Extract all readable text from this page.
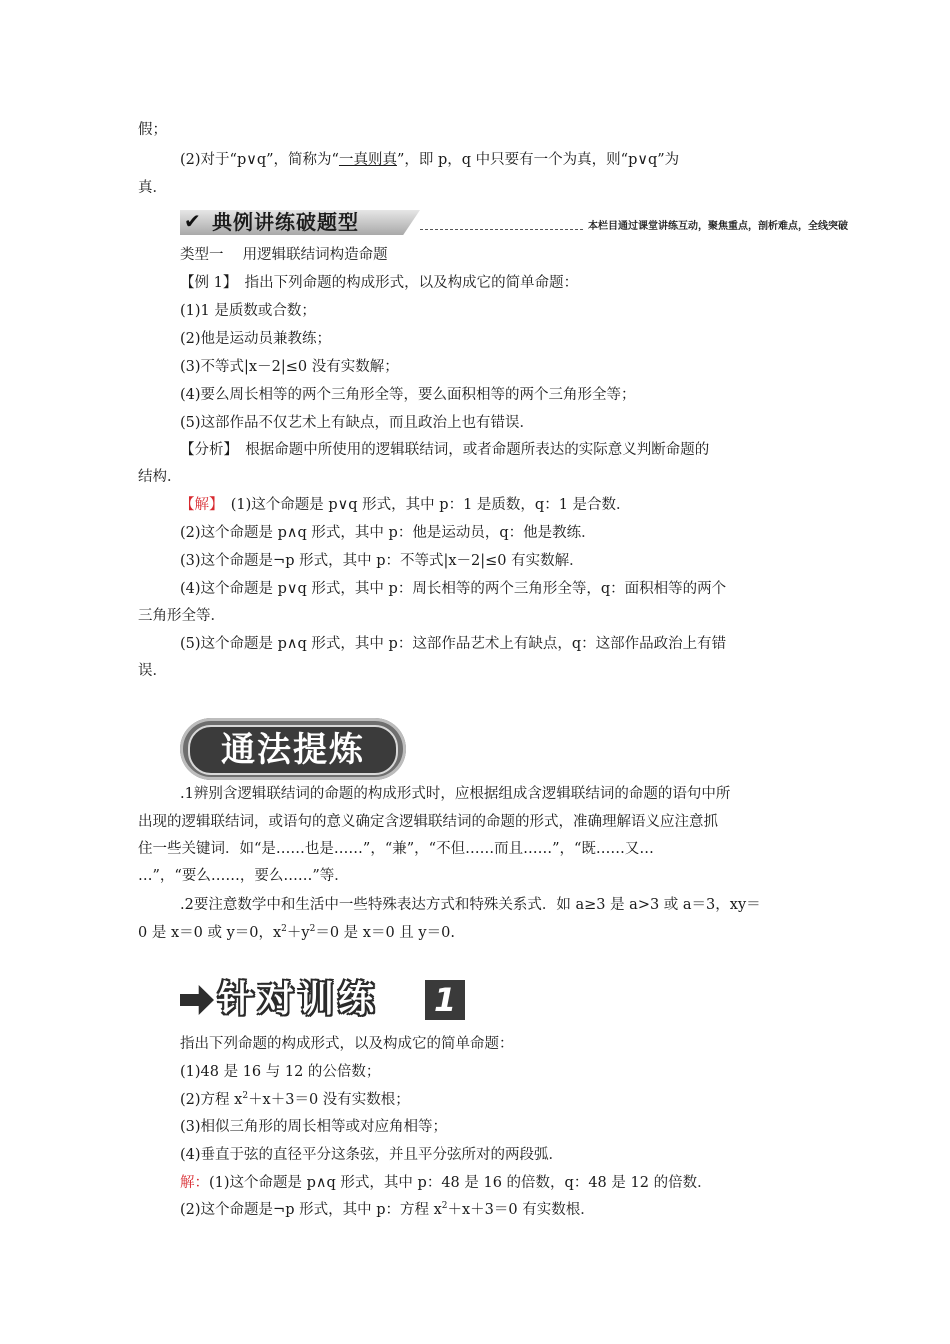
假；
(2)对于“p∨q”，简称为“一真则真”，即 p，q 中只要有一个为真，则“p∨q”为
真．
✔ 典例讲练破题型	本栏目通过课堂讲练互动，聚焦重点，剖析难点，全线突破
类型一　 用逻辑联结词构造命题
【例 1】　指出下列命题的构成形式，以及构成它的简单命题：
(1)1 是质数或合数；
(2)他是运动员兼教练；
(3)不等式|x－2|≤0 没有实数解；
(4)要么周长相等的两个三角形全等，要么面积相等的两个三角形全等；
(5)这部作品不仅艺术上有缺点，而且政治上也有错误．
【分析】　根据命题中所使用的逻辑联结词，或者命题所表达的实际意义判断命题的
结构．
【解】　(1)这个命题是 p∨q 形式，其中 p：1 是质数，q：1 是合数．
(2)这个命题是 p∧q 形式，其中 p：他是运动员，q：他是教练．
(3)这个命题是¬p 形式，其中 p：不等式|x－2|≤0 有实数解．
(4)这个命题是 p∨q 形式，其中 p：周长相等的两个三角形全等，q：面积相等的两个
三角形全等．
(5)这个命题是 p∧q 形式，其中 p：这部作品艺术上有缺点，q：这部作品政治上有错
误．
通法提炼
.1辨别含逻辑联结词的命题的构成形式时，应根据组成含逻辑联结词的命题的语句中所
出现的逻辑联结词，或语句的意义确定含逻辑联结词的命题的形式，准确理解语义应注意抓
住一些关键词．如“是……也是……”，“兼”，“不但……而且……”，“既……又…
…”，“要么……，要么……”等．
.2要注意数学中和生活中一些特殊表达方式和特殊关系式．如 a≥3 是 a>3 或 a＝3，xy＝
0 是 x＝0 或 y＝0，$x^2+y^2=0$ 是 x＝0 且 y＝0.
针对训练 1
指出下列命题的构成形式，以及构成它的简单命题：
(1)48 是 16 与 12 的公倍数；
(2)方程 $x^2+x+3=0$ 没有实数根；
(3)相似三角形的周长相等或对应角相等；
(4)垂直于弦的直径平分这条弦，并且平分弦所对的两段弧．
解：(1)这个命题是 p∧q 形式，其中 p：48 是 16 的倍数，q：48 是 12 的倍数．
(2)这个命题是¬p 形式，其中 p：方程 $x^2+x+3=0$ 有实数根．
